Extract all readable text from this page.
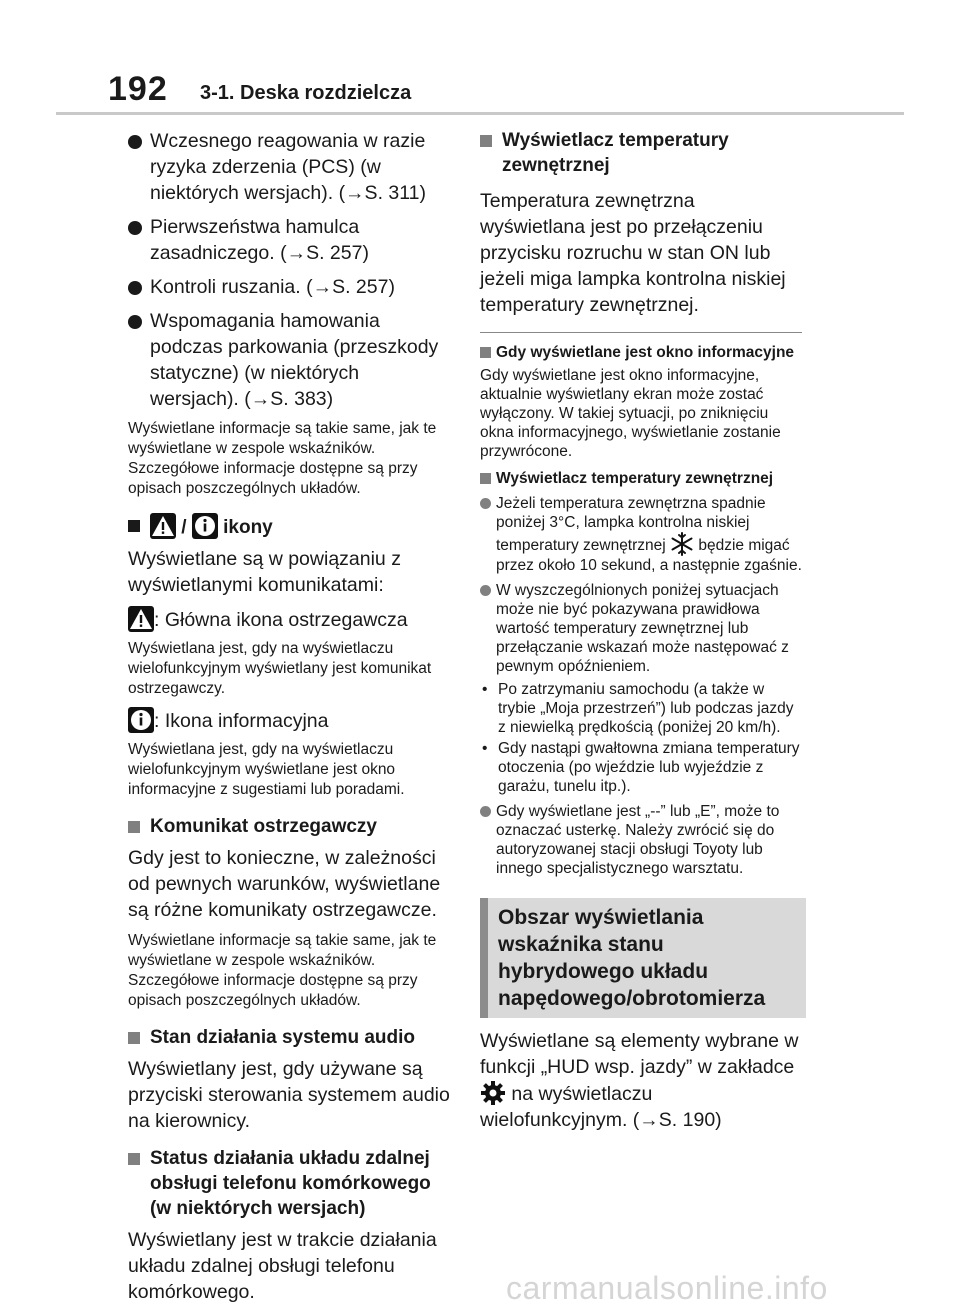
192 3-1. Deska rozdzielcza
Wczesnego reagowania w razie ryzyka zderzenia (PCS) (w niektórych wersjach). (→S. 311)
Pierwszeństwa hamulca zasadniczego. (→S. 257)
Kontroli ruszania. (→S. 257)
Wspomagania hamowania podczas parkowania (przeszkody statyczne) (w niektórych wersjach). (→S. 383)
Wyświetlane informacje są takie same, jak te wyświetlane w zespole wskaźników. Szczegółowe informacje dostępne są przy opisach poszczególnych układów.
/ ikony
Wyświetlane są w powiązaniu z wyświetlanymi komunikatami:
: Główna ikona ostrzegawcza
Wyświetlana jest, gdy na wyświetlaczu wielofunkcyjnym wyświetlany jest komunikat ostrzegawczy.
: Ikona informacyjna
Wyświetlana jest, gdy na wyświetlaczu wielofunkcyjnym wyświetlane jest okno informacyjne z sugestiami lub poradami.
Komunikat ostrzegawczy
Gdy jest to konieczne, w zależności od pewnych warunków, wyświetlane są różne komunikaty ostrzegawcze.
Wyświetlane informacje są takie same, jak te wyświetlane w zespole wskaźników. Szczegółowe informacje dostępne są przy opisach poszczególnych układów.
Stan działania systemu audio
Wyświetlany jest, gdy używane są przyciski sterowania systemem audio na kierownicy.
Status działania układu zdalnej obsługi telefonu komórkowego (w niektórych wersjach)
Wyświetlany jest w trakcie działania układu zdalnej obsługi telefonu komórkowego.
Wyświetlacz temperatury zewnętrznej
Temperatura zewnętrzna wyświetlana jest po przełączeniu przycisku rozruchu w stan ON lub jeżeli miga lampka kontrolna niskiej temperatury zewnętrznej.
Gdy wyświetlane jest okno informacyjne
Gdy wyświetlane jest okno informacyjne, aktualnie wyświetlany ekran może zostać wyłączony. W takiej sytuacji, po zniknięciu okna informacyjnego, wyświetlanie zostanie przywrócone.
Wyświetlacz temperatury zewnętrznej
Jeżeli temperatura zewnętrzna spadnie poniżej 3°C, lampka kontrolna niskiej temperatury zewnętrznej będzie migać przez około 10 sekund, a następnie zgaśnie.
W wyszczególnionych poniżej sytuacjach może nie być pokazywana prawidłowa wartość temperatury zewnętrznej lub przełączanie wskazań może następować z pewnym opóźnieniem.
• Po zatrzymaniu samochodu (a także w trybie „Moja przestrzeń”) lub podczas jazdy z niewielką prędkością (poniżej 20 km/h).
• Gdy nastąpi gwałtowna zmiana temperatury otoczenia (po wjeździe lub wyjeździe z garażu, tunelu itp.).
Gdy wyświetlane jest „--” lub „E”, może to oznaczać usterkę. Należy zwrócić się do autoryzowanej stacji obsługi Toyoty lub innego specjalistycznego warsztatu.
Obszar wyświetlania wskaźnika stanu hybrydowego układu napędowego/obrotomierza
Wyświetlane są elementy wybrane w funkcji „HUD wsp. jazdy” w zakładce  na wyświetlaczu wielofunkcyjnym. (→S. 190)
carmanualsonline.info
